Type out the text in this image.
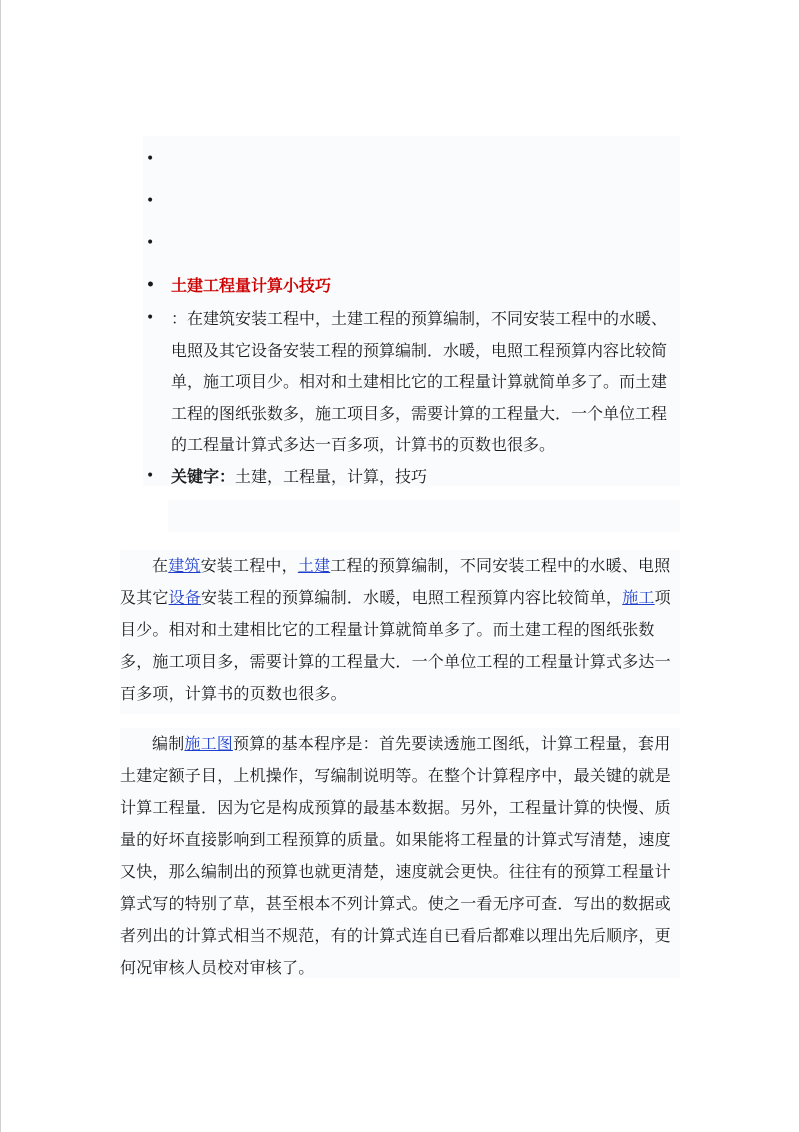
•
•
•
• 土建工程量计算小技巧
• ：在建筑安装工程中，土建工程的预算编制，不同安装工程中的水暖、电照及其它设备安装工程的预算编制．水暖，电照工程预算内容比较简单，施工项目少。相对和土建相比它的工程量计算就简单多了。而土建工程的图纸张数多，施工项目多，需要计算的工程量大．一个单位工程的工程量计算式多达一百多项，计算书的页数也很多。
• 关键字：土建，工程量，计算，技巧

在建筑安装工程中，土建工程的预算编制，不同安装工程中的水暖、电照及其它设备安装工程的预算编制．水暖，电照工程预算内容比较简单，施工项目少。相对和土建相比它的工程量计算就简单多了。而土建工程的图纸张数多，施工项目多，需要计算的工程量大．一个单位工程的工程量计算式多达一百多项，计算书的页数也很多。

编制施工图预算的基本程序是：首先要读透施工图纸，计算工程量，套用土建定额子目，上机操作，写编制说明等。在整个计算程序中，最关键的就是计算工程量．因为它是构成预算的最基本数据。另外，工程量计算的快慢、质量的好坏直接影响到工程预算的质量。如果能将工程量的计算式写清楚，速度又快，那么编制出的预算也就更清楚，速度就会更快。往往有的预算工程量计算式写的特别了草，甚至根本不列计算式。使之一看无序可查．写出的数据或者列出的计算式相当不规范，有的计算式连自已看后都难以理出先后顺序，更何况审核人员校对审核了。
